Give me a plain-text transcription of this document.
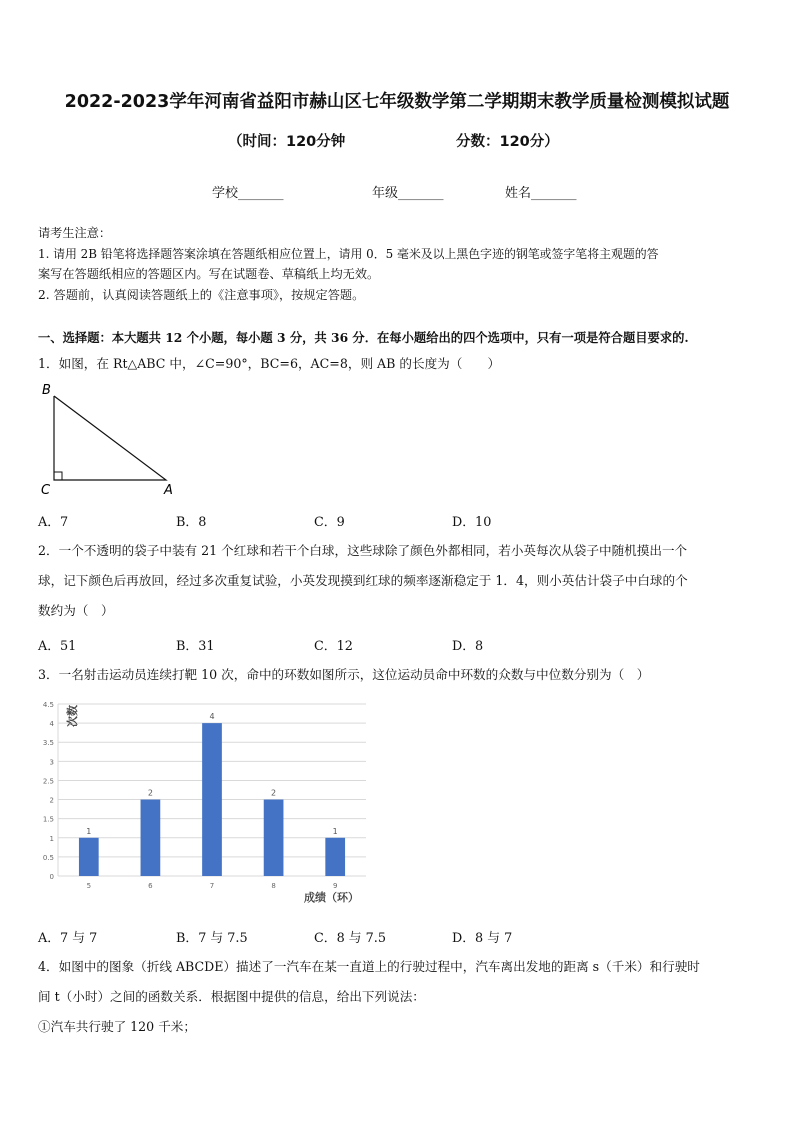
2022-2023学年河南省益阳市赫山区七年级数学第二学期期末教学质量检测模拟试题
（时间：120分钟	分数：120分）
学校_______	年级_______	姓名_______
请考生注意：
1. 请用 2B 铅笔将选择题答案涂填在答题纸相应位置上，请用 0．5 毫米及以上黑色字迹的钢笔或签字笔将主观题的答
案写在答题纸相应的答题区内。写在试题卷、草稿纸上均无效。
2. 答题前，认真阅读答题纸上的《注意事项》，按规定答题。
一、选择题：本大题共 12 个小题，每小题 3 分，共 36 分．在每小题给出的四个选项中，只有一项是符合题目要求的.
1．如图，在 Rt△ABC 中，∠C=90°，BC=6，AC=8，则 AB 的长度为（　　）
B
C	A
A．7	B．8	C．9	D．10
2．一个不透明的袋子中装有 21 个红球和若干个白球，这些球除了颜色外都相同，若小英每次从袋子中随机摸出一个
球，记下颜色后再放回，经过多次重复试验，小英发现摸到红球的频率逐渐稳定于 1．4，则小英估计袋子中白球的个
数约为（　）
A．51	B．31	C．12	D．8
3．一名射击运动员连续打靶 10 次，命中的环数如图所示，这位运动员命中环数的众数与中位数分别为（　）
0
0.5
1
1.5
2
2.5
3
3.5
4
4.5
1
2
4
2
1
5	6	7	8	9
次数
成绩（环）
A．7 与 7	B．7 与 7.5	C．8 与 7.5	D．8 与 7
4．如图中的图象（折线 ABCDE）描述了一汽车在某一直道上的行驶过程中，汽车离出发地的距离 s（千米）和行驶时
间 t（小时）之间的函数关系．根据图中提供的信息，给出下列说法：
①汽车共行驶了 120 千米；
